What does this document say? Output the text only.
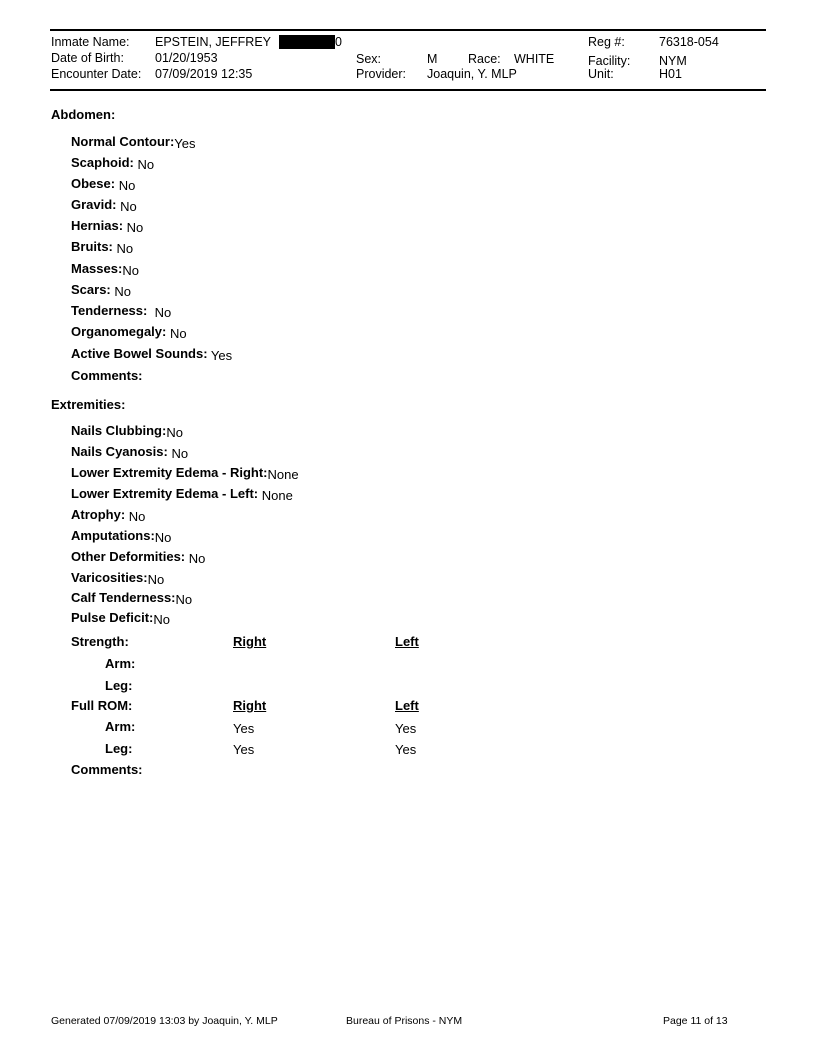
Inmate Name: EPSTEIN, JEFFREY	0
Date of Birth: 01/20/1953
Encounter Date: 07/09/2019 12:35
Sex:	M Race: WHITE
Provider: Joaquin, Y. MLP
Reg #:	76318-054
Facility: NYM
Unit:	H01
Abdomen:
Normal Contour:Yes
Scaphoid: No
Obese: No
Gravid: No
Hernias: No
Bruits: No
Masses:No
Scars: No
Tenderness: No
Organomegaly: No
Active Bowel Sounds: Yes
Comments:
Extremities:
Nails Clubbing:No
Nails Cyanosis: No
Lower Extremity Edema - Right:None
Lower Extremity Edema - Left: None
Atrophy: No
Amputations:No
Other Deformities: No
Varicosities:No
Calf Tenderness:No
Pulse Deficit:No
Strength:	Right	Left
Arm:
Leg:
Full ROM:	Right	Left
Arm:	Yes	Yes
Leg:	Yes	Yes
Comments:
Generated 07/09/2019 13:03 by Joaquin, Y. MLP	Bureau of Prisons - NYM	Page 11 of 13
